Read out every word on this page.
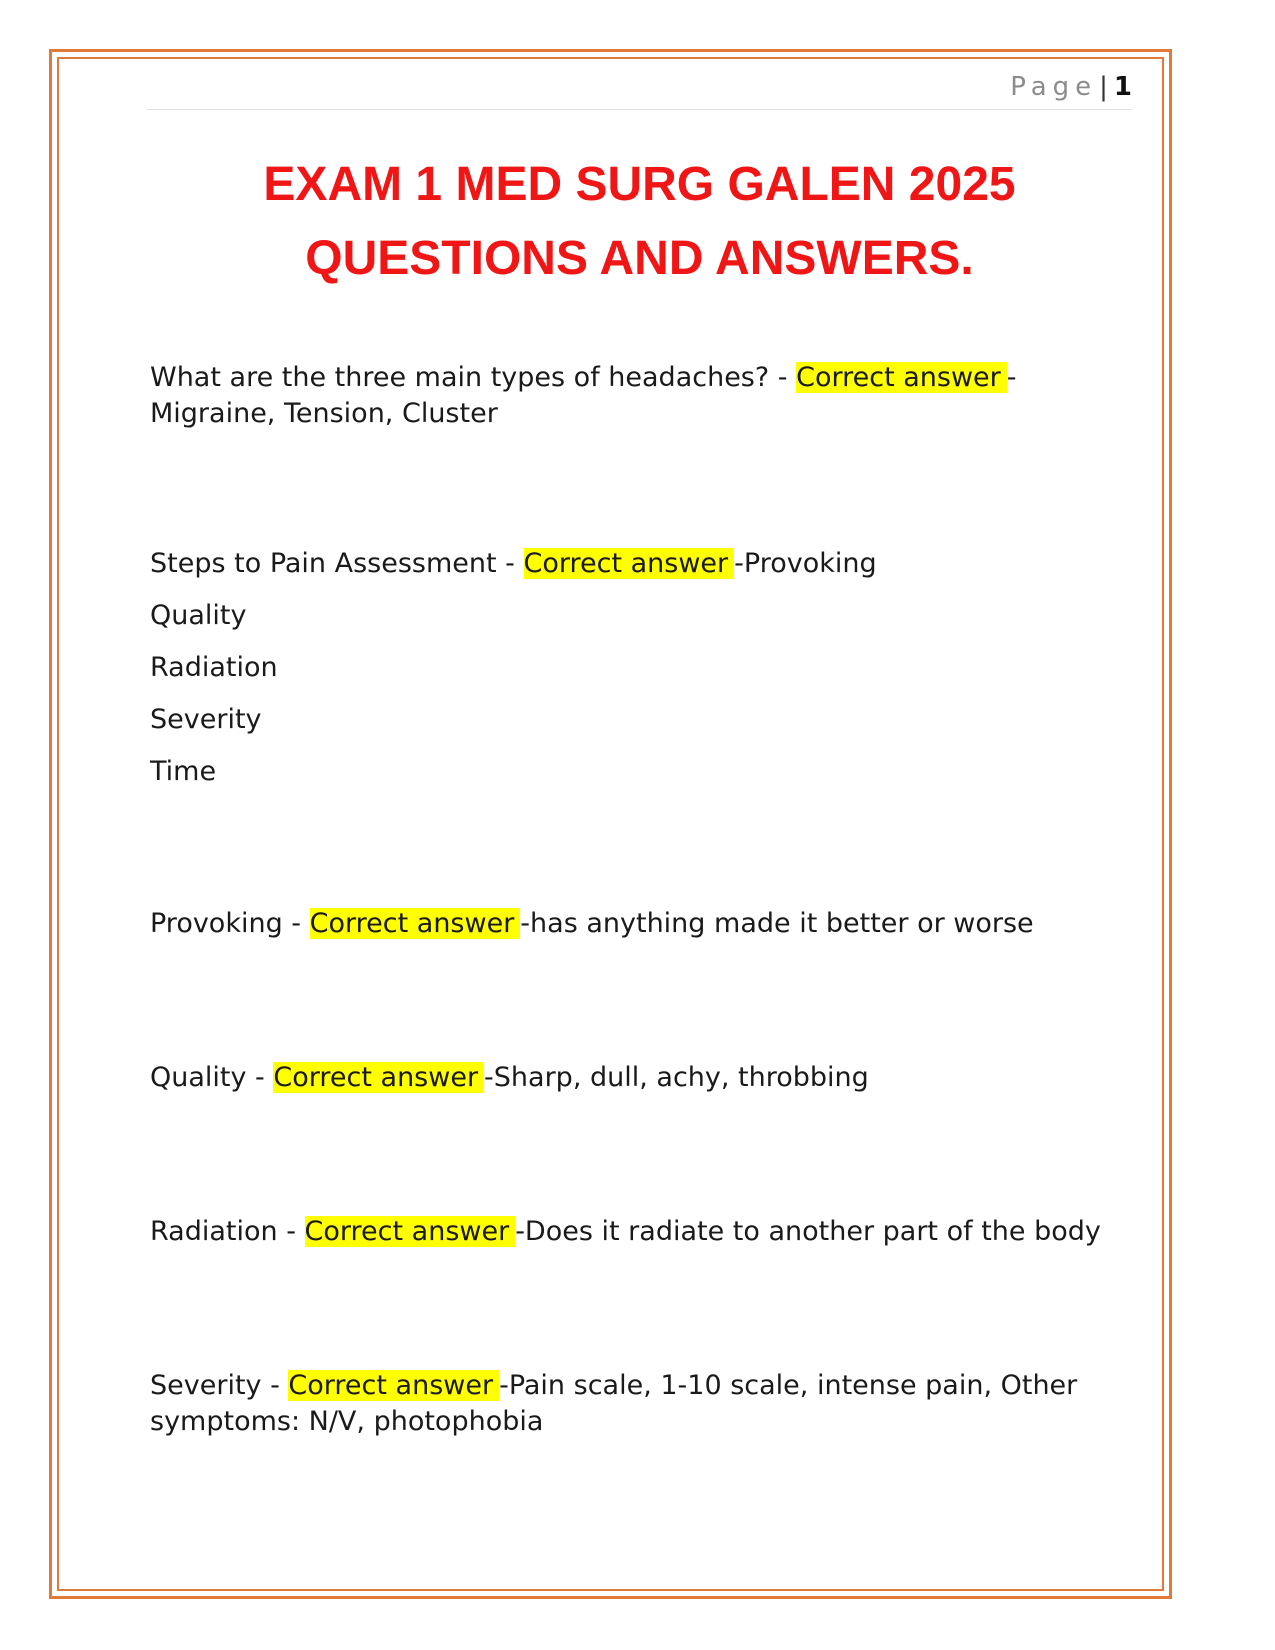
Page| 1
EXAM 1 MED SURG GALEN 2025
QUESTIONS AND ANSWERS.

What are the three main types of headaches? - Correct answer -Migraine, Tension, Cluster

Steps to Pain Assessment - Correct answer -Provoking

Quality
Radiation
Severity
Time

Provoking - Correct answer -has anything made it better or worse

Quality - Correct answer -Sharp, dull, achy, throbbing

Radiation - Correct answer -Does it radiate to another part of the body

Severity - Correct answer -Pain scale, 1-10 scale, intense pain, Other symptoms: N/V, photophobia
